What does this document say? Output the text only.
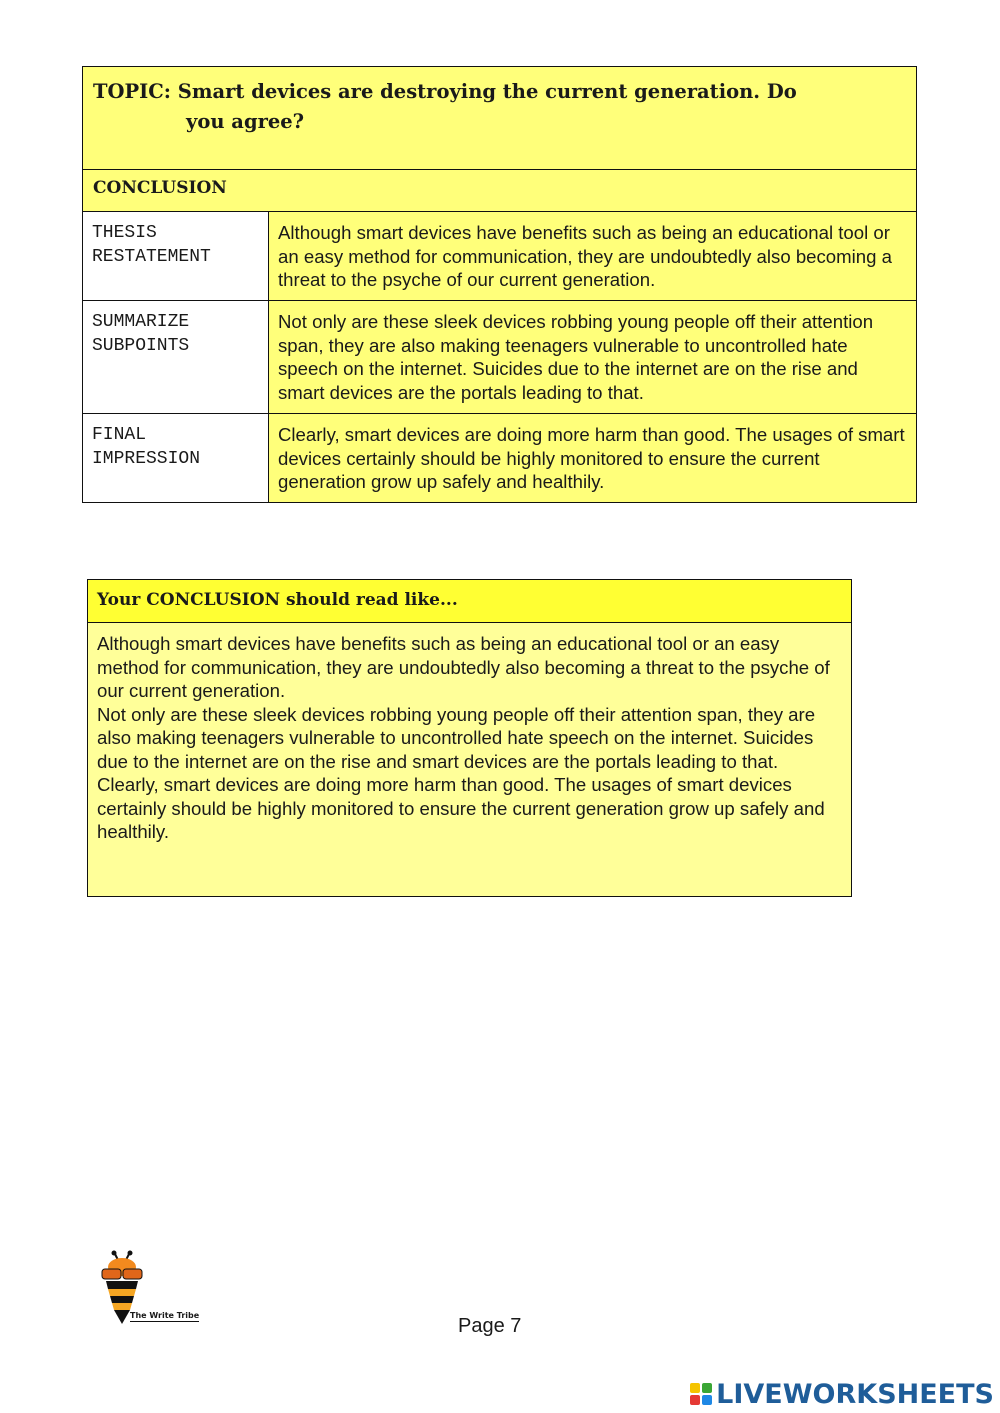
TOPIC: Smart devices are destroying the current generation. Do
you agree?	

CONCLUSION	

THESIS
RESTATEMENT	Although smart devices have benefits such as being an educational tool or an easy method for communication, they are undoubtedly also becoming a threat to the psyche of our current generation.

SUMMARIZE
SUBPOINTS	Not only are these sleek devices robbing young people off their attention span, they are also making teenagers vulnerable to uncontrolled hate speech on the internet. Suicides due to the internet are on the rise and smart devices are the portals leading to that.

FINAL
IMPRESSION	Clearly, smart devices are doing more harm than good. The usages of smart devices certainly should be highly monitored to ensure the current generation grow up safely and healthily.
Your CONCLUSION should read like...

Although smart devices have benefits such as being an educational tool or an easy method for communication, they are undoubtedly also becoming a threat to the psyche of our current generation.

Not only are these sleek devices robbing young people off their attention span, they are also making teenagers vulnerable to uncontrolled hate speech on the internet. Suicides due to the internet are on the rise and smart devices are the portals leading to that.

Clearly, smart devices are doing more harm than good. The usages of smart devices certainly should be highly monitored to ensure the current generation grow up safely and healthily.

The Write Tribe	Page 7
LIVEWORKSHEETS
